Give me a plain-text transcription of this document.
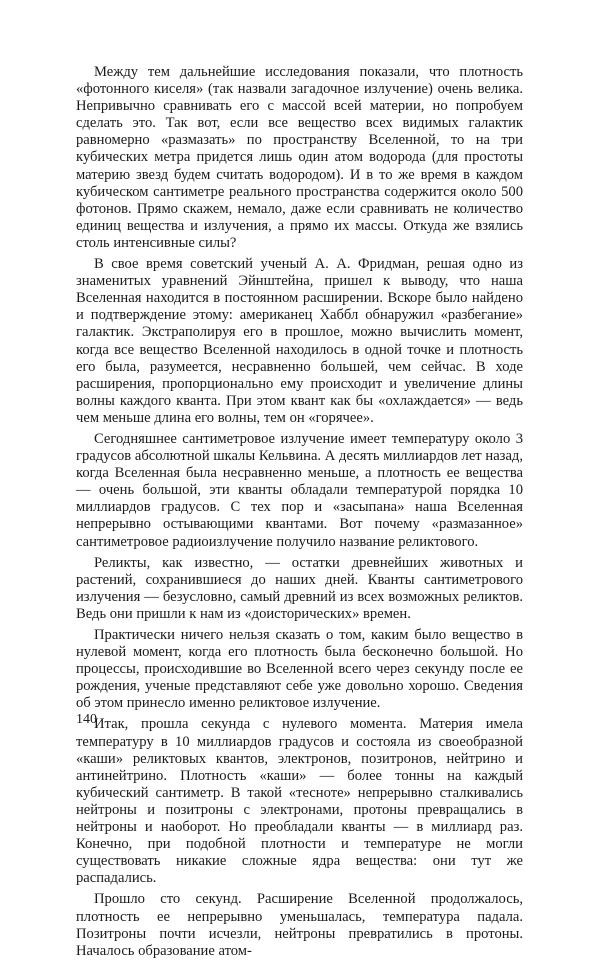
Между тем дальнейшие исследования показали, что плотность «фотонного киселя» (так назвали загадочное излучение) очень велика. Непривычно сравнивать его с массой всей материи, но попробуем сделать это. Так вот, если все вещество всех видимых галактик равномерно «размазать» по пространству Вселенной, то на три кубических метра придется лишь один атом водорода (для простоты материю звезд будем считать водородом). И в то же время в каждом кубическом сантиметре реального пространства содержится около 500 фотонов. Прямо скажем, немало, даже если сравнивать не количество единиц вещества и излучения, а прямо их массы. Откуда же взялись столь интенсивные силы?

В свое время советский ученый А. А. Фридман, решая одно из знаменитых уравнений Эйнштейна, пришел к выводу, что наша Вселенная находится в постоянном расширении. Вскоре было найдено и подтверждение этому: американец Хаббл обнаружил «разбегание» галактик. Экстраполируя его в прошлое, можно вычислить момент, когда все вещество Вселенной находилось в одной точке и плотность его была, разумеется, несравненно большей, чем сейчас. В ходе расширения, пропорционально ему происходит и увеличение длины волны каждого кванта. При этом квант как бы «охлаждается» — ведь чем меньше длина его волны, тем он «горячее».

Сегодняшнее сантиметровое излучение имеет температуру около 3 градусов абсолютной шкалы Кельвина. А десять миллиардов лет назад, когда Вселенная была несравненно меньше, а плотность ее вещества — очень большой, эти кванты обладали температурой порядка 10 миллиардов градусов. С тех пор и «засыпана» наша Вселенная непрерывно остывающими квантами. Вот почему «размазанное» сантиметровое радиоизлучение получило название реликтового.

Реликты, как известно, — остатки древнейших животных и растений, сохранившиеся до наших дней. Кванты сантиметрового излучения — безусловно, самый древний из всех возможных реликтов. Ведь они пришли к нам из «доисторических» времен.

Практически ничего нельзя сказать о том, каким было вещество в нулевой момент, когда его плотность была бесконечно большой. Но процессы, происходившие во Вселенной всего через секунду после ее рождения, ученые представляют себе уже довольно хорошо. Сведения об этом принесло именно реликтовое излучение.

Итак, прошла секунда с нулевого момента. Материя имела температуру в 10 миллиардов градусов и состояла из своеобразной «каши» реликтовых квантов, электронов, позитронов, нейтрино и антинейтрино. Плотность «каши» — более тонны на каждый кубический сантиметр. В такой «тесноте» непрерывно сталкивались нейтроны и позитроны с электронами, протоны превращались в нейтроны и наоборот. Но преобладали кванты — в миллиард раз. Конечно, при подобной плотности и температуре не могли существовать никакие сложные ядра вещества: они тут же распадались.

Прошло сто секунд. Расширение Вселенной продолжалось, плотность ее непрерывно уменьшалась, температура падала. Позитроны почти исчезли, нейтроны превратились в протоны. Началось образование атом-

140
